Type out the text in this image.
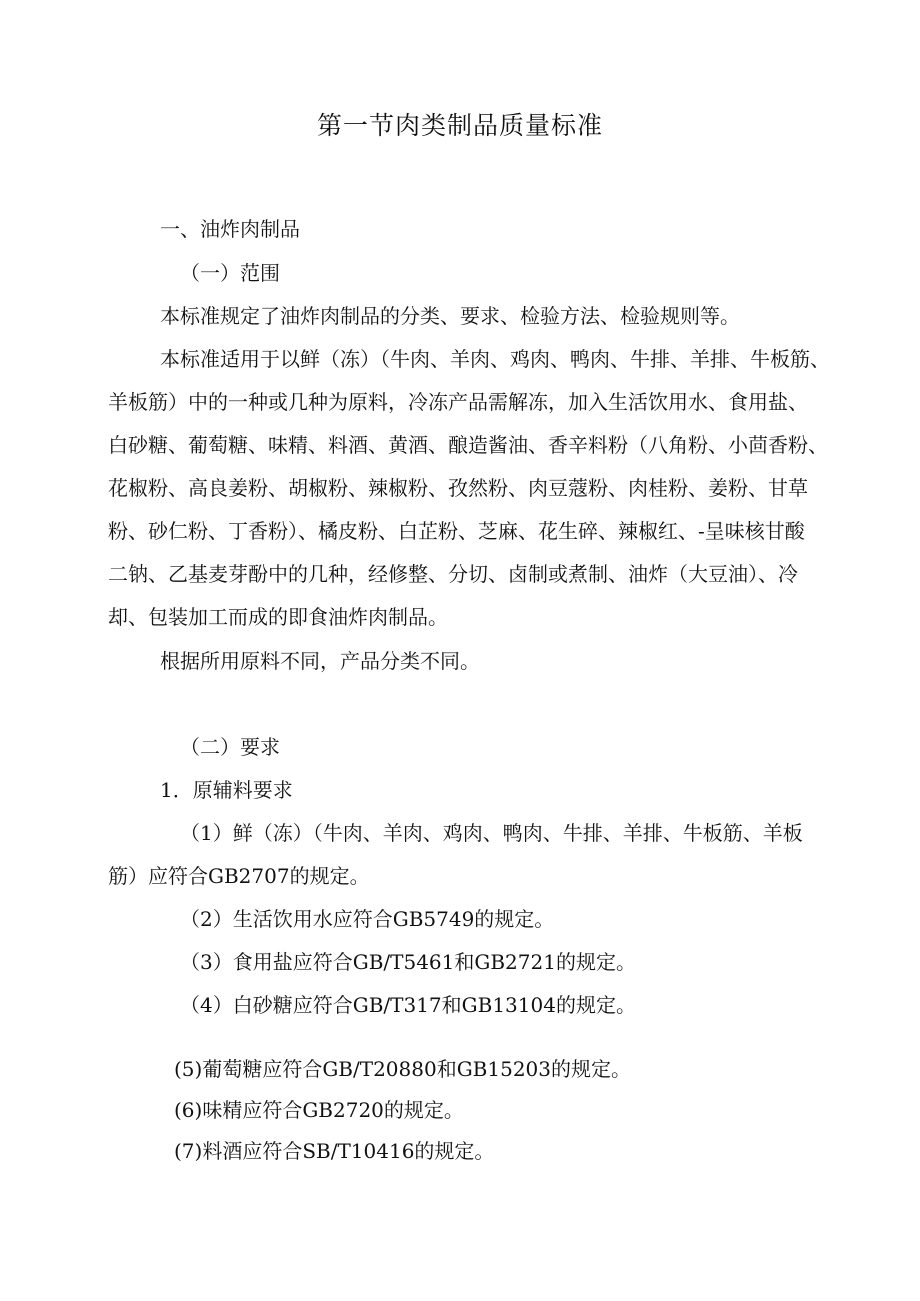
第一节肉类制品质量标准
一、油炸肉制品
（一）范围
本标准规定了油炸肉制品的分类、要求、检验方法、检验规则等。
本标准适用于以鲜（冻）（牛肉、羊肉、鸡肉、鸭肉、牛排、羊排、牛板筋、
羊板筋）中的一种或几种为原料，冷冻产品需解冻，加入生活饮用水、食用盐、
白砂糖、葡萄糖、味精、料酒、黄酒、酿造酱油、香辛料粉（八角粉、小茴香粉、
花椒粉、高良姜粉、胡椒粉、辣椒粉、孜然粉、肉豆蔻粉、肉桂粉、姜粉、甘草
粉、砂仁粉、丁香粉）、橘皮粉、白芷粉、芝麻、花生碎、辣椒红、-呈味核甘酸
二钠、乙基麦芽酚中的几种，经修整、分切、卤制或煮制、油炸（大豆油）、冷
却、包装加工而成的即食油炸肉制品。
根据所用原料不同，产品分类不同。
（二）要求
1．原辅料要求
（1）鲜（冻）（牛肉、羊肉、鸡肉、鸭肉、牛排、羊排、牛板筋、羊板
筋）应符合GB2707的规定。
（2）生活饮用水应符合GB5749的规定。
（3）食用盐应符合GB/T5461和GB2721的规定。
（4）白砂糖应符合GB/T317和GB13104的规定。
(5)葡萄糖应符合GB/T20880和GB15203的规定。
(6)味精应符合GB2720的规定。
(7)料酒应符合SB/T10416的规定。
